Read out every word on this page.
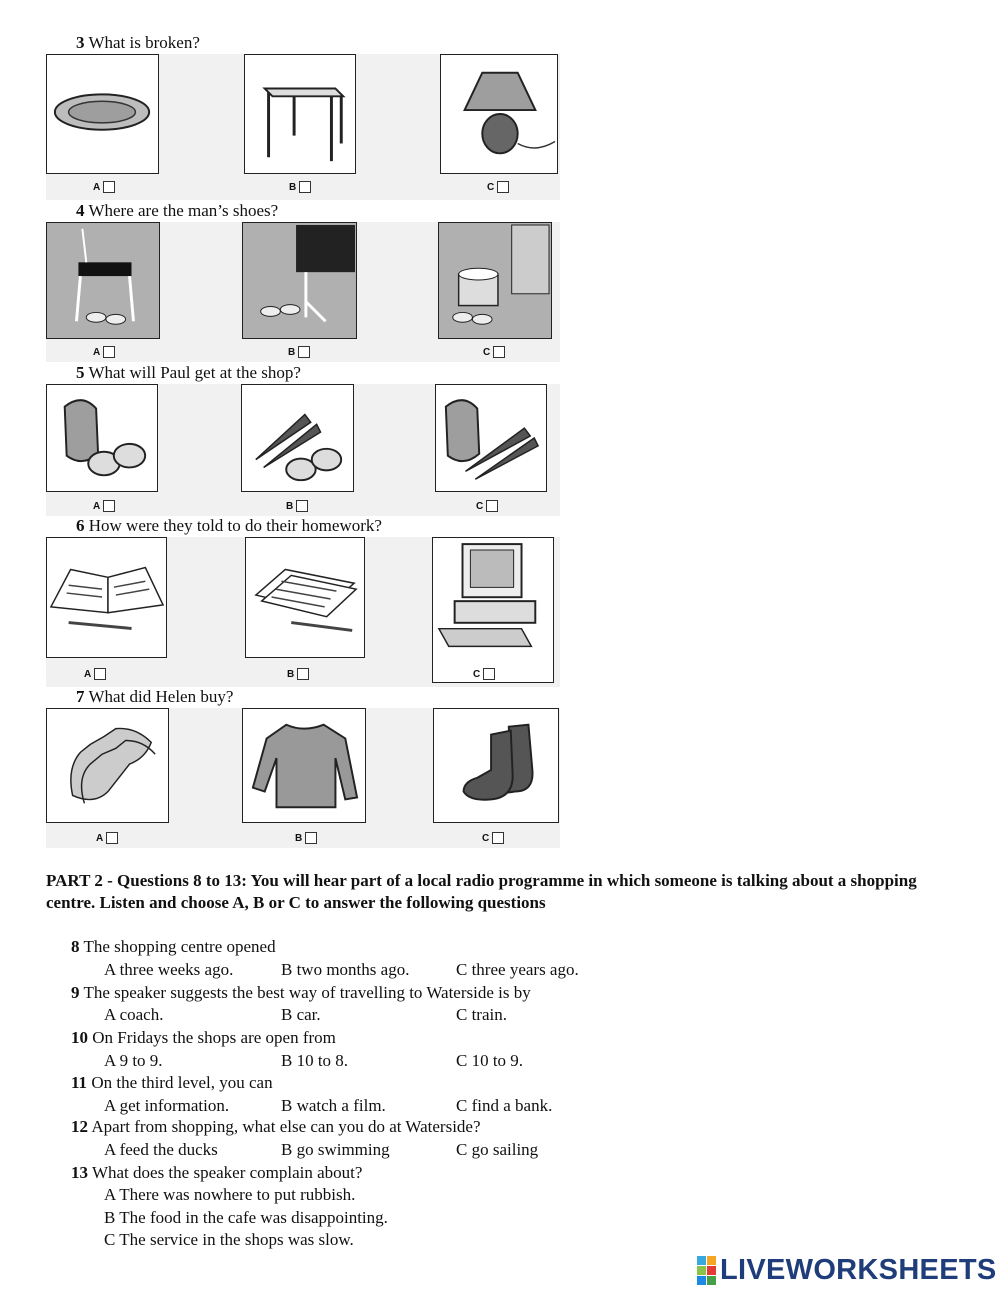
3 What is broken?
A	B	C
4 Where are the man’s shoes?
A	B	C
5 What will Paul get at the shop?
A	B	C
6 How were they told to do their homework?
A	B	C
7 What did Helen buy?
A	B	C
PART 2 - Questions 8 to 13: You will hear part of a local radio programme in which someone is talking about a shopping centre. Listen and choose A, B or C to answer the following questions
8 The shopping centre opened
A three weeks ago.	B two months ago.	C three years ago.
9 The speaker suggests the best way of travelling to Waterside is by
A coach.	B car.	C train.
10 On Fridays the shops are open from
A 9 to 9.	B 10 to 8.	C 10 to 9.
11 On the third level, you can
A get information.	B watch a film.	C find a bank.
12 Apart from shopping, what else can you do at Waterside?
A feed the ducks	B go swimming	C go sailing
13 What does the speaker complain about?
A There was nowhere to put rubbish.
B The food in the cafe was disappointing.
C The service in the shops was slow.
LIVEWORKSHEETS
